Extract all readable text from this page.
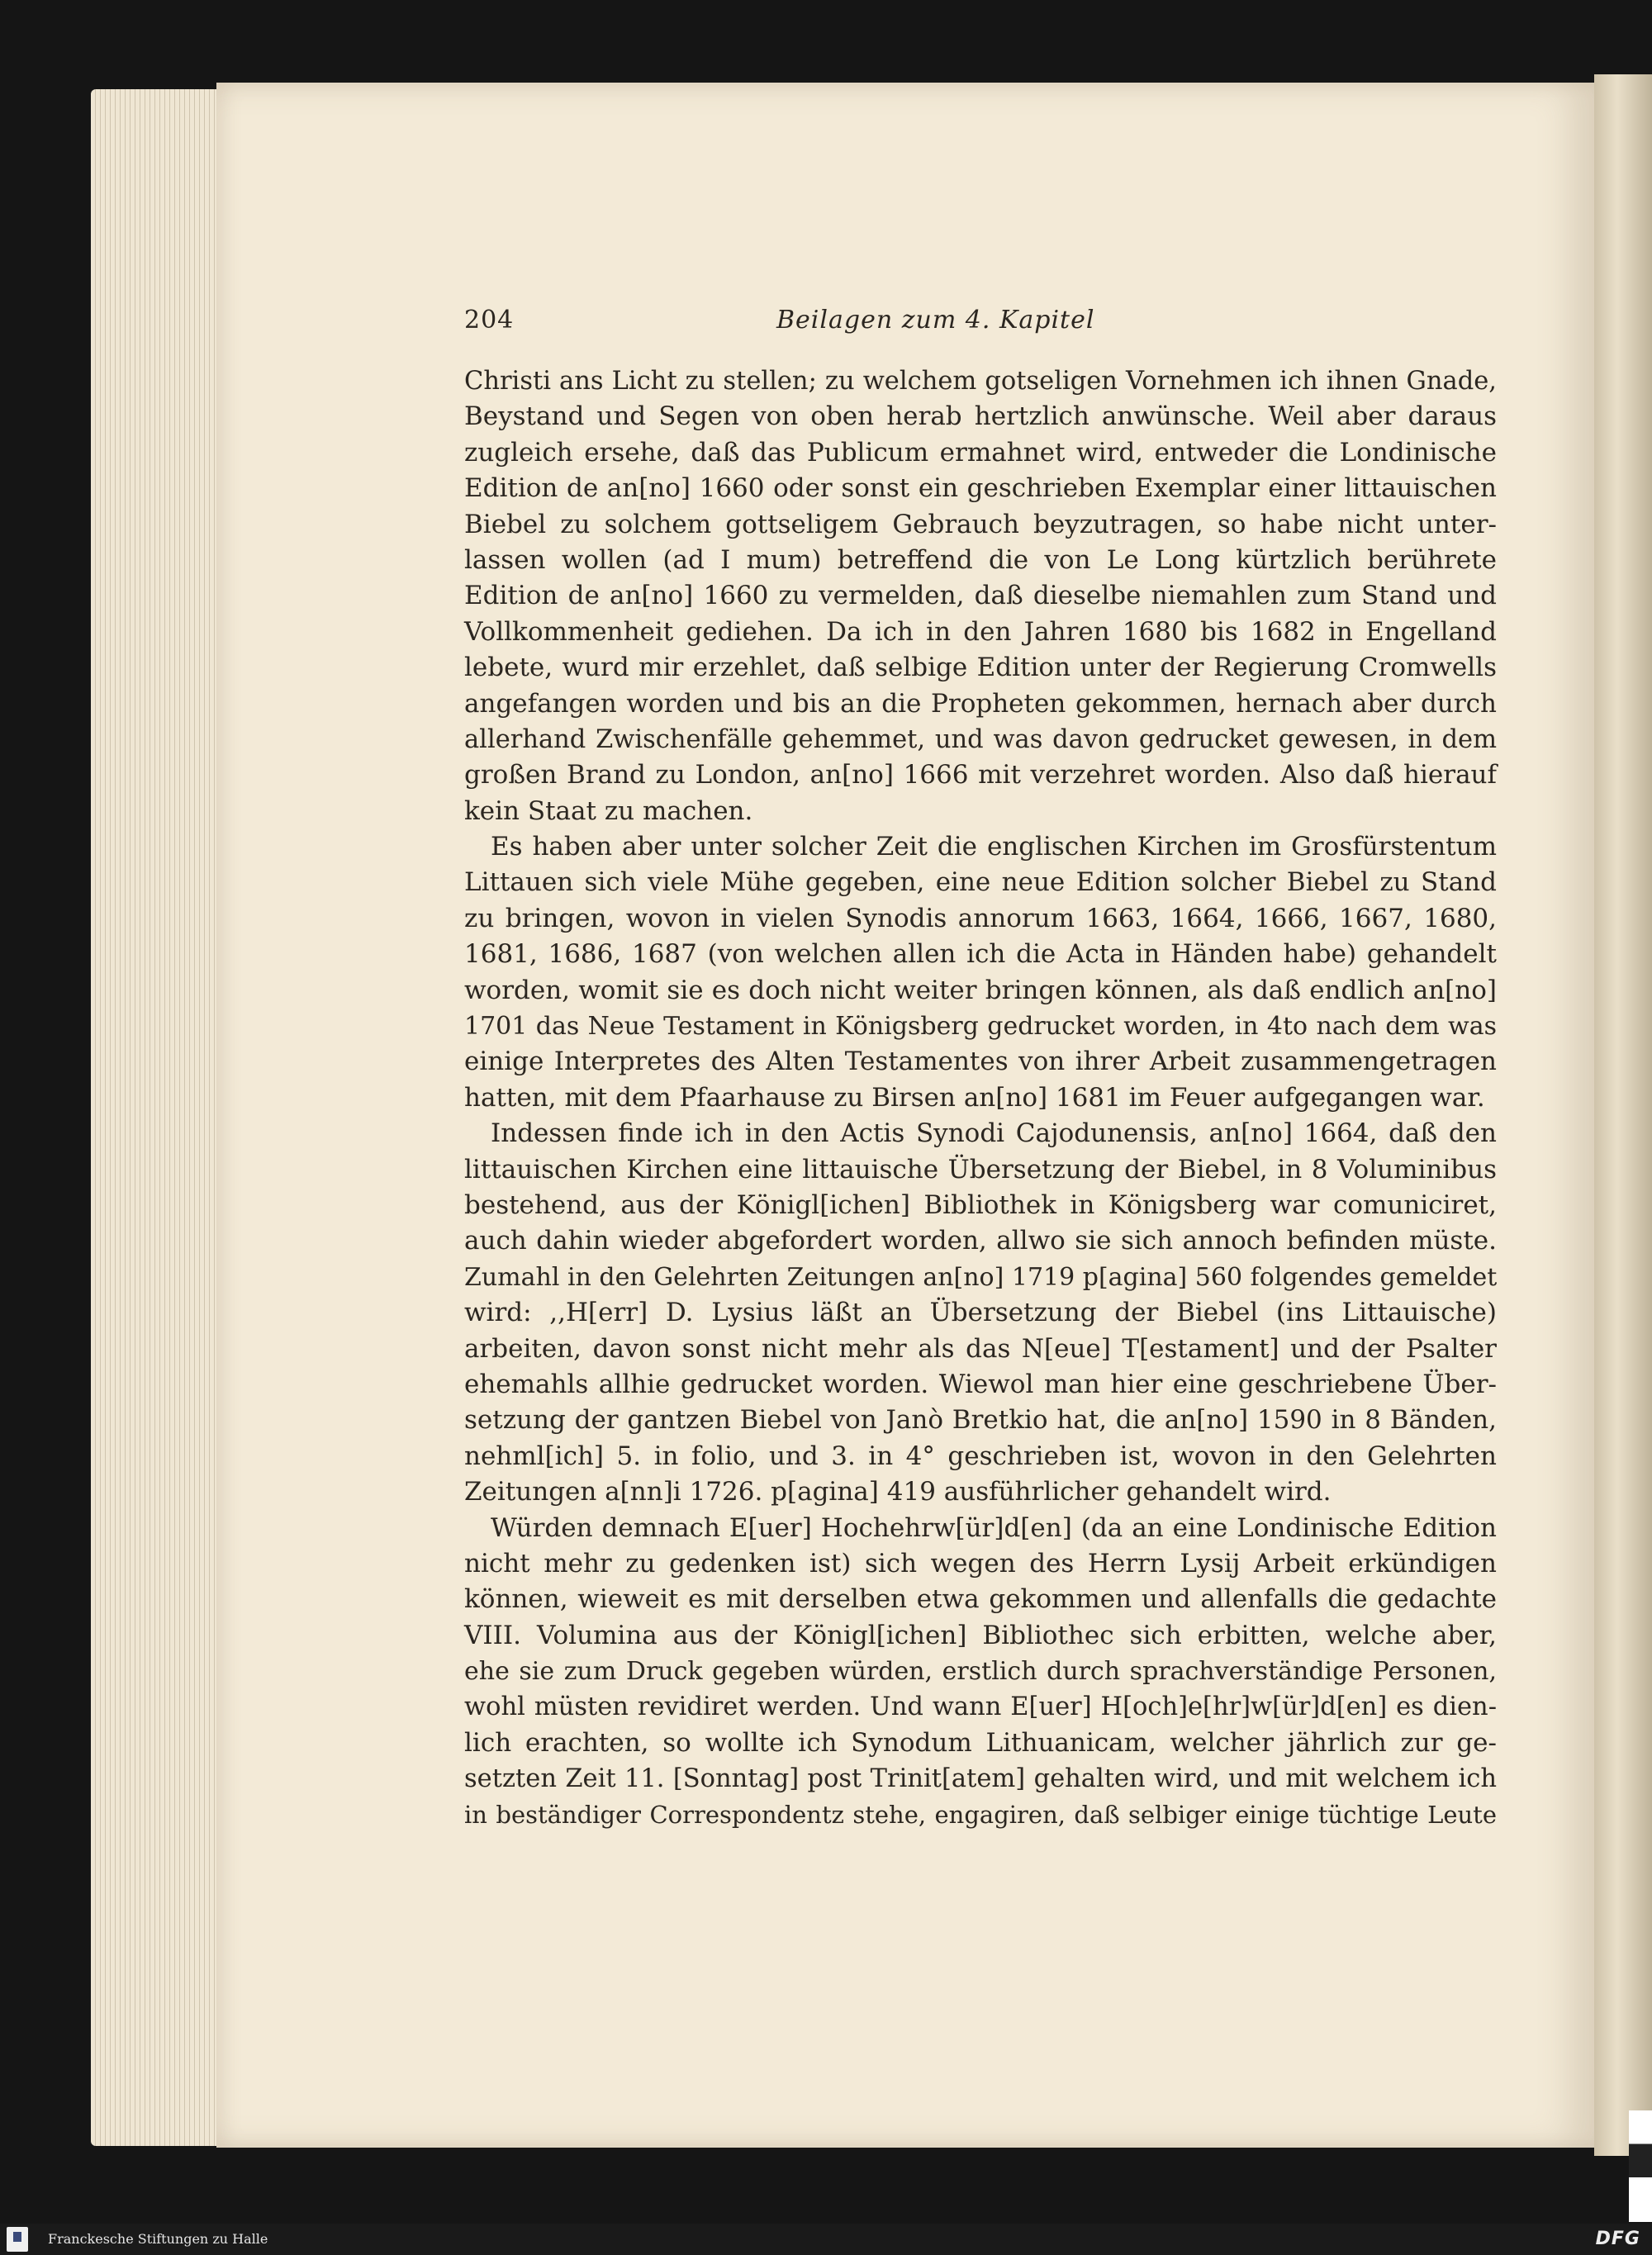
204	Beilagen zum 4. Kapitel
Christi ans Licht zu stellen; zu welchem gotseligen Vornehmen ich ihnen Gnade,
Beystand und Segen von oben herab hertzlich anwünsche. Weil aber daraus
zugleich ersehe, daß das Publicum ermahnet wird, entweder die Londinische
Edition de an[no] 1660 oder sonst ein geschrieben Exemplar einer littauischen
Biebel zu solchem gottseligem Gebrauch beyzutragen, so habe nicht unter-
lassen wollen (ad I mum) betreffend die von Le Long kürtzlich berührete
Edition de an[no] 1660 zu vermelden, daß dieselbe niemahlen zum Stand und
Vollkommenheit gediehen. Da ich in den Jahren 1680 bis 1682 in Engelland
lebete, wurd mir erzehlet, daß selbige Edition unter der Regierung Cromwells
angefangen worden und bis an die Propheten gekommen, hernach aber durch
allerhand Zwischenfälle gehemmet, und was davon gedrucket gewesen, in dem
großen Brand zu London, an[no] 1666 mit verzehret worden. Also daß hierauf
kein Staat zu machen.
Es haben aber unter solcher Zeit die englischen Kirchen im Grosfürstentum
Littauen sich viele Mühe gegeben, eine neue Edition solcher Biebel zu Stand
zu bringen, wovon in vielen Synodis annorum 1663, 1664, 1666, 1667, 1680,
1681, 1686, 1687 (von welchen allen ich die Acta in Händen habe) gehandelt
worden, womit sie es doch nicht weiter bringen können, als daß endlich an[no]
1701 das Neue Testament in Königsberg gedrucket worden, in 4to nach dem was
einige Interpretes des Alten Testamentes von ihrer Arbeit zusammengetragen
hatten, mit dem Pfaarhause zu Birsen an[no] 1681 im Feuer aufgegangen war.
Indessen finde ich in den Actis Synodi Cajodunensis, an[no] 1664, daß den
littauischen Kirchen eine littauische Übersetzung der Biebel, in 8 Voluminibus
bestehend, aus der Königl[ichen] Bibliothek in Königsberg war comuniciret,
auch dahin wieder abgefordert worden, allwo sie sich annoch befinden müste.
Zumahl in den Gelehrten Zeitungen an[no] 1719 p[agina] 560 folgendes gemeldet
wird: ,,H[err] D. Lysius läßt an Übersetzung der Biebel (ins Littauische)
arbeiten, davon sonst nicht mehr als das N[eue] T[estament] und der Psalter
ehemahls allhie gedrucket worden. Wiewol man hier eine geschriebene Über-
setzung der gantzen Biebel von Janò Bretkio hat, die an[no] 1590 in 8 Bänden,
nehml[ich] 5. in folio, und 3. in 4° geschrieben ist, wovon in den Gelehrten
Zeitungen a[nn]i 1726. p[agina] 419 ausführlicher gehandelt wird.
Würden demnach E[uer] Hochehrw[ür]d[en] (da an eine Londinische Edition
nicht mehr zu gedenken ist) sich wegen des Herrn Lysij Arbeit erkündigen
können, wieweit es mit derselben etwa gekommen und allenfalls die gedachte
VIII. Volumina aus der Königl[ichen] Bibliothec sich erbitten, welche aber,
ehe sie zum Druck gegeben würden, erstlich durch sprachverständige Personen,
wohl müsten revidiret werden. Und wann E[uer] H[och]e[hr]w[ür]d[en] es dien-
lich erachten, so wollte ich Synodum Lithuanicam, welcher jährlich zur ge-
setzten Zeit 11. [Sonntag] post Trinit[atem] gehalten wird, und mit welchem ich
in beständiger Correspondentz stehe, engagiren, daß selbiger einige tüchtige Leute
Franckesche Stiftungen zu Halle	DFG
